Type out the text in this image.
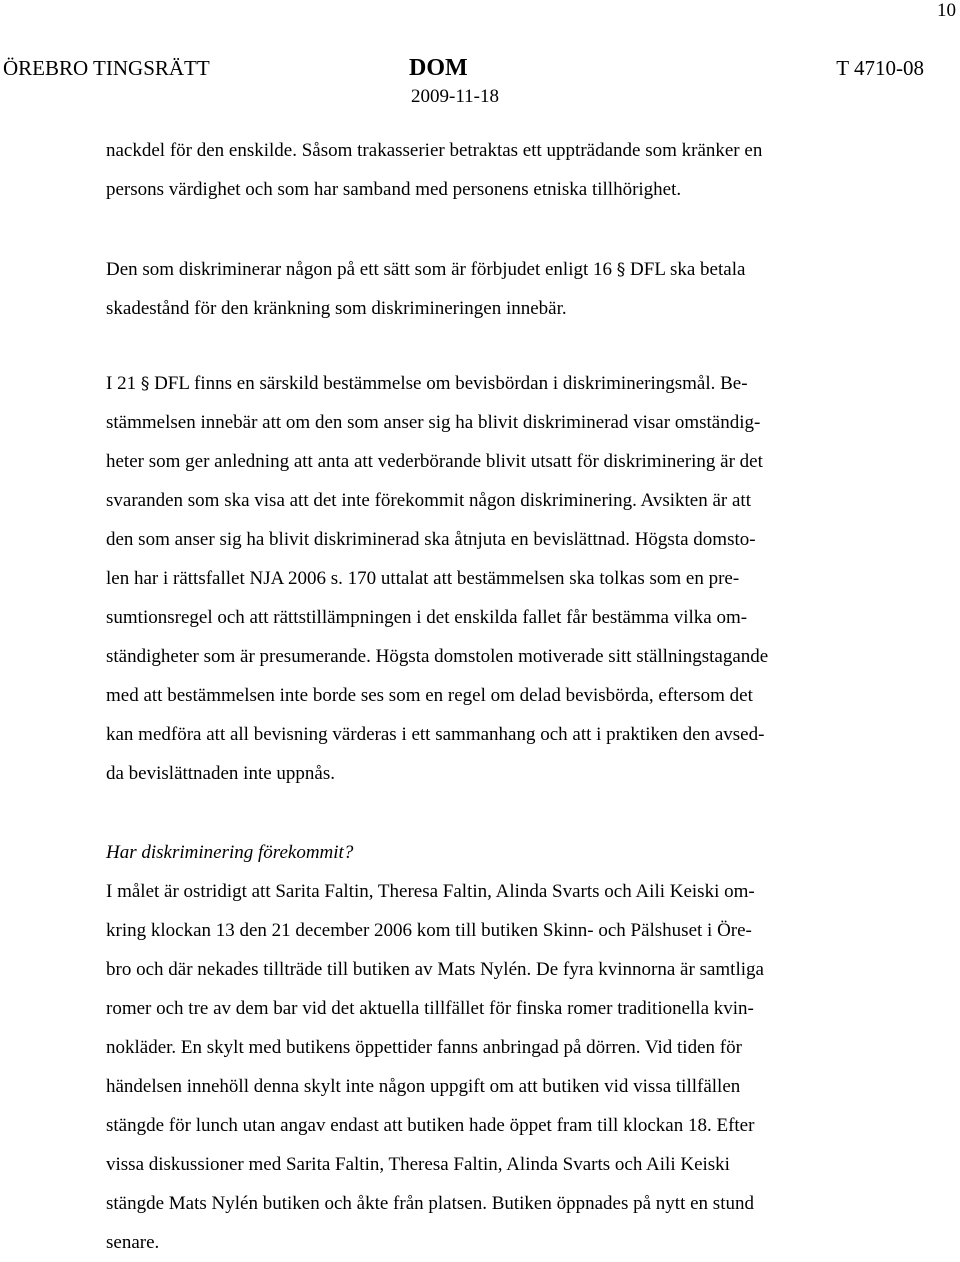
10
ÖREBRO TINGSRÄTT	DOM	T 4710-08
2009-11-18
nackdel för den enskilde. Såsom trakasserier betraktas ett uppträdande som kränker en
persons värdighet och som har samband med personens etniska tillhörighet.
Den som diskriminerar någon på ett sätt som är förbjudet enligt 16 § DFL ska betala
skadestånd för den kränkning som diskrimineringen innebär.
I 21 § DFL finns en särskild bestämmelse om bevisbördan i diskrimineringsmål. Be-
stämmelsen innebär att om den som anser sig ha blivit diskriminerad visar omständig-
heter som ger anledning att anta att vederbörande blivit utsatt för diskriminering är det
svaranden som ska visa att det inte förekommit någon diskriminering. Avsikten är att
den som anser sig ha blivit diskriminerad ska åtnjuta en bevislättnad. Högsta domsto-
len har i rättsfallet NJA 2006 s. 170 uttalat att bestämmelsen ska tolkas som en pre-
sumtionsregel och att rättstillämpningen i det enskilda fallet får bestämma vilka om-
ständigheter som är presumerande. Högsta domstolen motiverade sitt ställningstagande
med att bestämmelsen inte borde ses som en regel om delad bevisbörda, eftersom det
kan medföra att all bevisning värderas i ett sammanhang och att i praktiken den avsed-
da bevislättnaden inte uppnås.
Har diskriminering förekommit?
I målet är ostridigt att Sarita Faltin, Theresa Faltin, Alinda Svarts och Aili Keiski om-
kring klockan 13 den 21 december 2006 kom till butiken Skinn- och Pälshuset i Öre-
bro och där nekades tillträde till butiken av Mats Nylén. De fyra kvinnorna är samtliga
romer och tre av dem bar vid det aktuella tillfället för finska romer traditionella kvin-
nokläder. En skylt med butikens öppettider fanns anbringad på dörren. Vid tiden för
händelsen innehöll denna skylt inte någon uppgift om att butiken vid vissa tillfällen
stängde för lunch utan angav endast att butiken hade öppet fram till klockan 18. Efter
vissa diskussioner med Sarita Faltin, Theresa Faltin, Alinda Svarts och Aili Keiski
stängde Mats Nylén butiken och åkte från platsen. Butiken öppnades på nytt en stund
senare.
